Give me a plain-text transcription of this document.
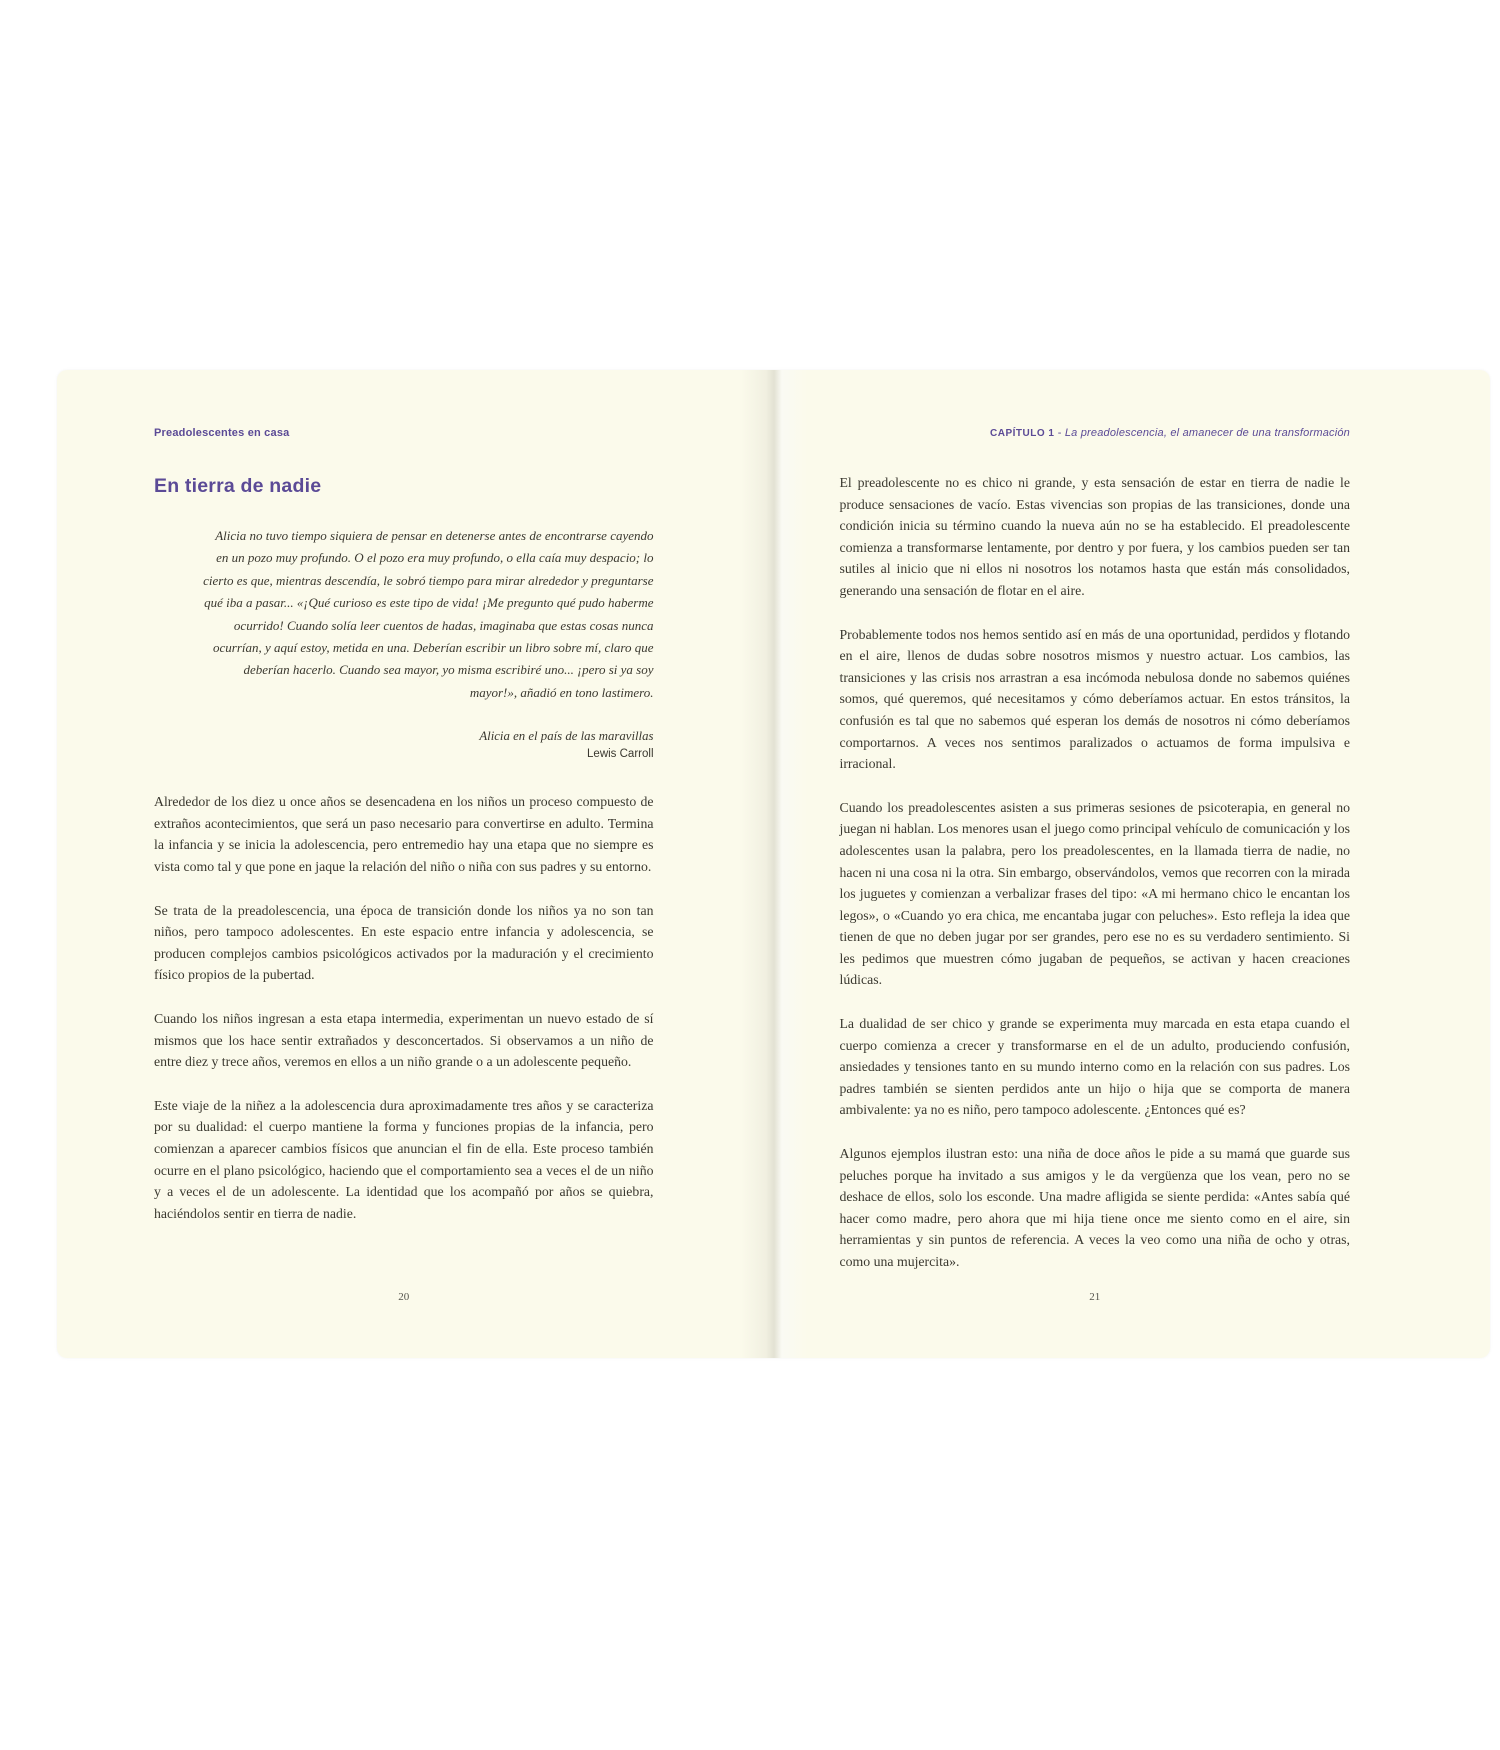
Preadolescentes en casa
En tierra de nadie

Alicia no tuvo tiempo siquiera de pensar en detenerse antes de encontrarse cayendo en un pozo muy profundo. O el pozo era muy profundo, o ella caía muy despacio; lo cierto es que, mientras descendía, le sobró tiempo para mirar alrededor y preguntarse qué iba a pasar... «¡Qué curioso es este tipo de vida! ¡Me pregunto qué pudo haberme ocurrido! Cuando solía leer cuentos de hadas, imaginaba que estas cosas nunca ocurrían, y aquí estoy, metida en una. Deberían escribir un libro sobre mí, claro que deberían hacerlo. Cuando sea mayor, yo misma escribiré uno... ¡pero si ya soy mayor!», añadió en tono lastimero.

Alicia en el país de las maravillas

Lewis Carroll

Alrededor de los diez u once años se desencadena en los niños un proceso compuesto de extraños acontecimientos, que será un paso necesario para convertirse en adulto. Termina la infancia y se inicia la adolescencia, pero entremedio hay una etapa que no siempre es vista como tal y que pone en jaque la relación del niño o niña con sus padres y su entorno.

Se trata de la preadolescencia, una época de transición donde los niños ya no son tan niños, pero tampoco adolescentes. En este espacio entre infancia y adolescencia, se producen complejos cambios psicológicos activados por la maduración y el crecimiento físico propios de la pubertad.

Cuando los niños ingresan a esta etapa intermedia, experimentan un nuevo estado de sí mismos que los hace sentir extrañados y desconcertados. Si observamos a un niño de entre diez y trece años, veremos en ellos a un niño grande o a un adolescente pequeño.

Este viaje de la niñez a la adolescencia dura aproximadamente tres años y se caracteriza por su dualidad: el cuerpo mantiene la forma y funciones propias de la infancia, pero comienzan a aparecer cambios físicos que anuncian el fin de ella. Este proceso también ocurre en el plano psicológico, haciendo que el comportamiento sea a veces el de un niño y a veces el de un adolescente. La identidad que los acompañó por años se quiebra, haciéndolos sentir en tierra de nadie.

20
CAPÍTULO 1 - La preadolescencia, el amanecer de una transformación

El preadolescente no es chico ni grande, y esta sensación de estar en tierra de nadie le produce sensaciones de vacío. Estas vivencias son propias de las transiciones, donde una condición inicia su término cuando la nueva aún no se ha establecido. El preadolescente comienza a transformarse lentamente, por dentro y por fuera, y los cambios pueden ser tan sutiles al inicio que ni ellos ni nosotros los notamos hasta que están más consolidados, generando una sensación de flotar en el aire.

Probablemente todos nos hemos sentido así en más de una oportunidad, perdidos y flotando en el aire, llenos de dudas sobre nosotros mismos y nuestro actuar. Los cambios, las transiciones y las crisis nos arrastran a esa incómoda nebulosa donde no sabemos quiénes somos, qué queremos, qué necesitamos y cómo deberíamos actuar. En estos tránsitos, la confusión es tal que no sabemos qué esperan los demás de nosotros ni cómo deberíamos comportarnos. A veces nos sentimos paralizados o actuamos de forma impulsiva e irracional.

Cuando los preadolescentes asisten a sus primeras sesiones de psicoterapia, en general no juegan ni hablan. Los menores usan el juego como principal vehículo de comunicación y los adolescentes usan la palabra, pero los preadolescentes, en la llamada tierra de nadie, no hacen ni una cosa ni la otra. Sin embargo, observándolos, vemos que recorren con la mirada los juguetes y comienzan a verbalizar frases del tipo: «A mi hermano chico le encantan los legos», o «Cuando yo era chica, me encantaba jugar con peluches». Esto refleja la idea que tienen de que no deben jugar por ser grandes, pero ese no es su verdadero sentimiento. Si les pedimos que muestren cómo jugaban de pequeños, se activan y hacen creaciones lúdicas.

La dualidad de ser chico y grande se experimenta muy marcada en esta etapa cuando el cuerpo comienza a crecer y transformarse en el de un adulto, produciendo confusión, ansiedades y tensiones tanto en su mundo interno como en la relación con sus padres. Los padres también se sienten perdidos ante un hijo o hija que se comporta de manera ambivalente: ya no es niño, pero tampoco adolescente. ¿Entonces qué es?

Algunos ejemplos ilustran esto: una niña de doce años le pide a su mamá que guarde sus peluches porque ha invitado a sus amigos y le da vergüenza que los vean, pero no se deshace de ellos, solo los esconde. Una madre afligida se siente perdida: «Antes sabía qué hacer como madre, pero ahora que mi hija tiene once me siento como en el aire, sin herramientas y sin puntos de referencia. A veces la veo como una niña de ocho y otras, como una mujercita».

21
